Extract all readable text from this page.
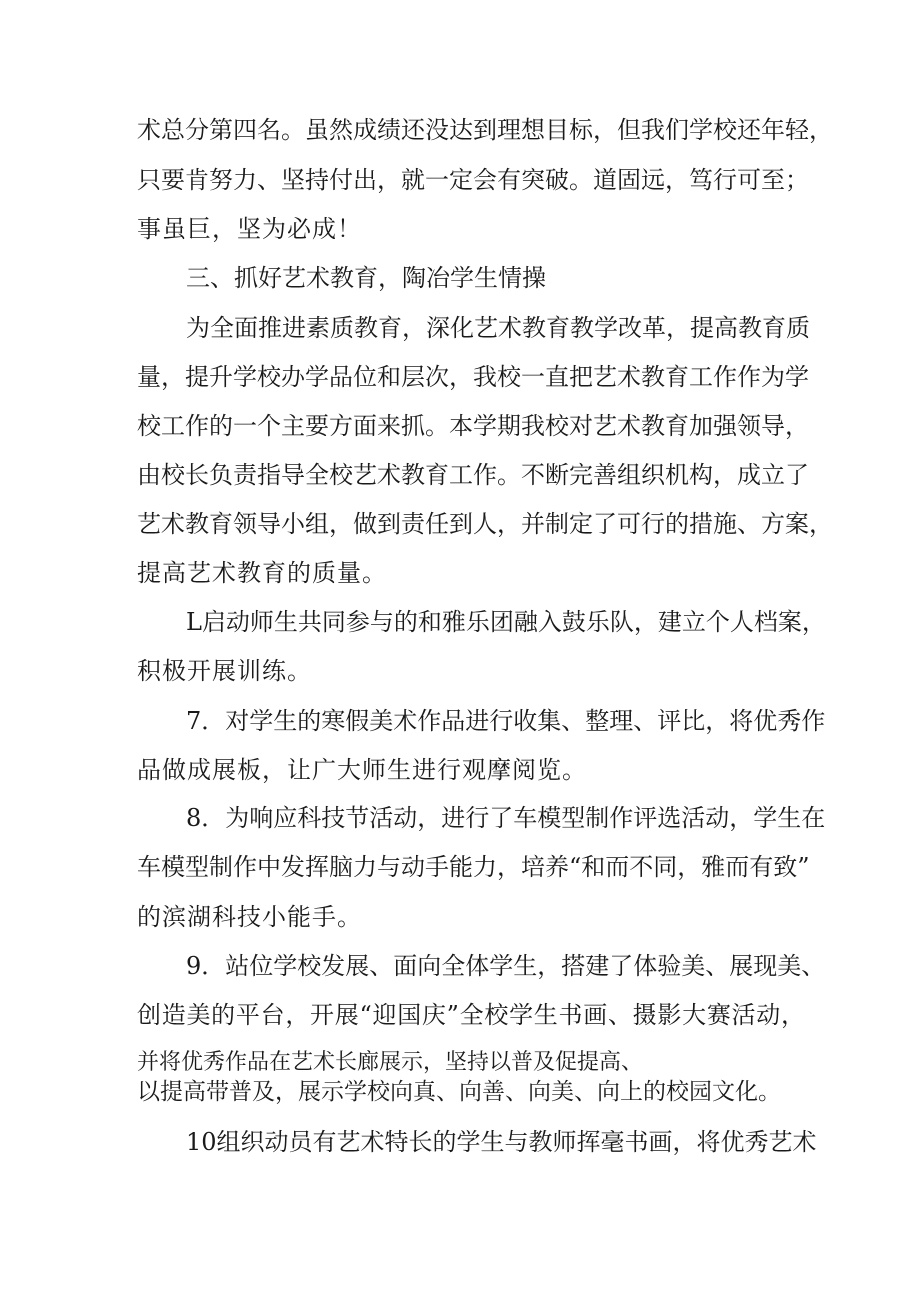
术总分第四名。虽然成绩还没达到理想目标，但我们学校还年轻，
只要肯努力、坚持付出，就一定会有突破。道固远，笃行可至；
事虽巨，坚为必成！
三、抓好艺术教育，陶冶学生情操
为全面推进素质教育，深化艺术教育教学改革，提高教育质
量，提升学校办学品位和层次，我校一直把艺术教育工作作为学
校工作的一个主要方面来抓。本学期我校对艺术教育加强领导，
由校长负责指导全校艺术教育工作。不断完善组织机构，成立了
艺术教育领导小组，做到责任到人，并制定了可行的措施、方案，
提高艺术教育的质量。
L启动师生共同参与的和雅乐团融入鼓乐队，建立个人档案，
积极开展训练。
7．对学生的寒假美术作品进行收集、整理、评比，将优秀作
品做成展板，让广大师生进行观摩阅览。
8．为响应科技节活动，进行了车模型制作评选活动，学生在
车模型制作中发挥脑力与动手能力，培养“和而不同，雅而有致”
的滨湖科技小能手。
9．站位学校发展、面向全体学生，搭建了体验美、展现美、
创造美的平台，开展“迎国庆”全校学生书画、摄影大赛活动，
并将优秀作品在艺术长廊展示，坚持以普及促提高、
以提高带普及，展示学校向真、向善、向美、向上的校园文化。
10组织动员有艺术特长的学生与教师挥毫书画，将优秀艺术
